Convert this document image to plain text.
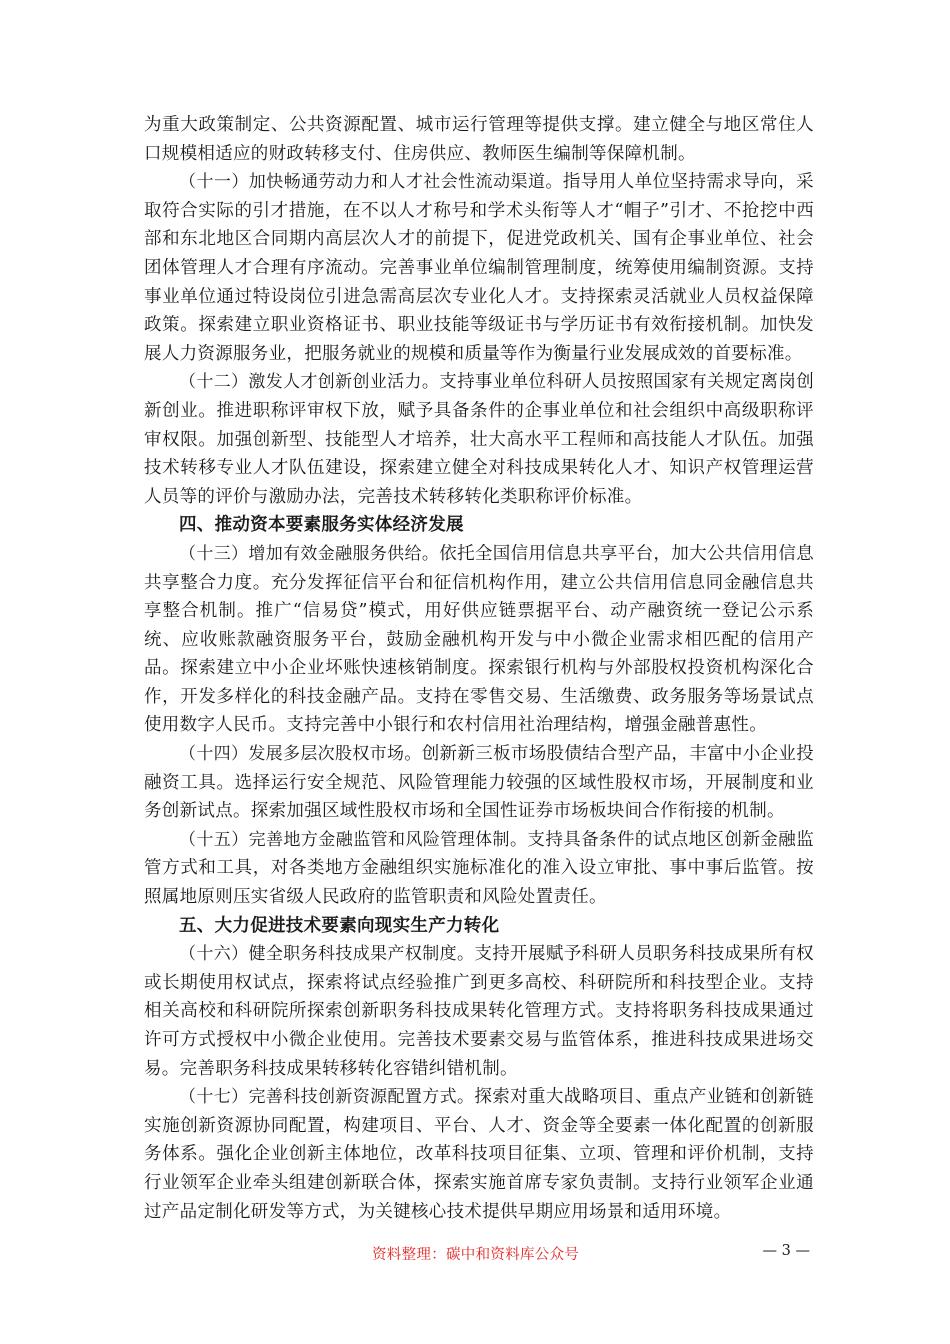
为重大政策制定、公共资源配置、城市运行管理等提供支撑。建立健全与地区常住人口规模相适应的财政转移支付、住房供应、教师医生编制等保障机制。

（十一）加快畅通劳动力和人才社会性流动渠道。指导用人单位坚持需求导向，采取符合实际的引才措施，在不以人才称号和学术头衔等人才“帽子”引才、不抢挖中西部和东北地区合同期内高层次人才的前提下，促进党政机关、国有企事业单位、社会团体管理人才合理有序流动。完善事业单位编制管理制度，统筹使用编制资源。支持事业单位通过特设岗位引进急需高层次专业化人才。支持探索灵活就业人员权益保障政策。探索建立职业资格证书、职业技能等级证书与学历证书有效衔接机制。加快发展人力资源服务业，把服务就业的规模和质量等作为衡量行业发展成效的首要标准。

（十二）激发人才创新创业活力。支持事业单位科研人员按照国家有关规定离岗创新创业。推进职称评审权下放，赋予具备条件的企事业单位和社会组织中高级职称评审权限。加强创新型、技能型人才培养，壮大高水平工程师和高技能人才队伍。加强技术转移专业人才队伍建设，探索建立健全对科技成果转化人才、知识产权管理运营人员等的评价与激励办法，完善技术转移转化类职称评价标准。

四、推动资本要素服务实体经济发展

（十三）增加有效金融服务供给。依托全国信用信息共享平台，加大公共信用信息共享整合力度。充分发挥征信平台和征信机构作用，建立公共信用信息同金融信息共享整合机制。推广“信易贷”模式，用好供应链票据平台、动产融资统一登记公示系统、应收账款融资服务平台，鼓励金融机构开发与中小微企业需求相匹配的信用产品。探索建立中小企业坏账快速核销制度。探索银行机构与外部股权投资机构深化合作，开发多样化的科技金融产品。支持在零售交易、生活缴费、政务服务等场景试点使用数字人民币。支持完善中小银行和农村信用社治理结构，增强金融普惠性。

（十四）发展多层次股权市场。创新新三板市场股债结合型产品，丰富中小企业投融资工具。选择运行安全规范、风险管理能力较强的区域性股权市场，开展制度和业务创新试点。探索加强区域性股权市场和全国性证券市场板块间合作衔接的机制。

（十五）完善地方金融监管和风险管理体制。支持具备条件的试点地区创新金融监管方式和工具，对各类地方金融组织实施标准化的准入设立审批、事中事后监管。按照属地原则压实省级人民政府的监管职责和风险处置责任。

五、大力促进技术要素向现实生产力转化

（十六）健全职务科技成果产权制度。支持开展赋予科研人员职务科技成果所有权或长期使用权试点，探索将试点经验推广到更多高校、科研院所和科技型企业。支持相关高校和科研院所探索创新职务科技成果转化管理方式。支持将职务科技成果通过许可方式授权中小微企业使用。完善技术要素交易与监管体系，推进科技成果进场交易。完善职务科技成果转移转化容错纠错机制。

（十七）完善科技创新资源配置方式。探索对重大战略项目、重点产业链和创新链实施创新资源协同配置，构建项目、平台、人才、资金等全要素一体化配置的创新服务体系。强化企业创新主体地位，改革科技项目征集、立项、管理和评价机制，支持行业领军企业牵头组建创新联合体，探索实施首席专家负责制。支持行业领军企业通过产品定制化研发等方式，为关键核心技术提供早期应用场景和适用环境。

资料整理：碳中和资料库公众号	— 3 —
